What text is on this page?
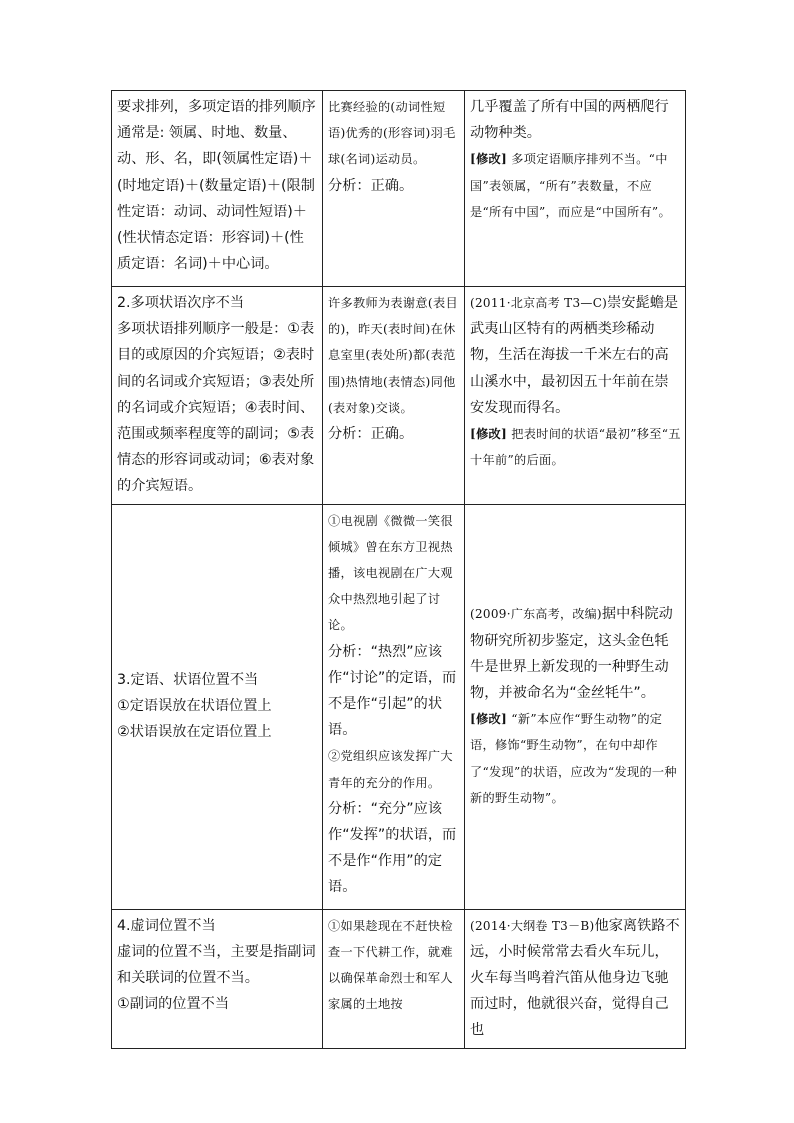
要求排列，多项定语的排列顺序通常是: 领属、时地、数量、动、形、名，即(领属性定语)＋(时地定语)＋(数量定语)＋(限制性定语：动词、动词性短语)＋(性状情态定语：形容词)＋(性质定语：名词)＋中心词。	比赛经验的(动词性短语)优秀的(形容词)羽毛球(名词)运动员。
分析：正确。	几乎覆盖了所有中国的两栖爬行动物种类。
[修改] 多项定语顺序排列不当。“中国”表领属，“所有”表数量，不应是“所有中国”，而应是“中国所有”。

2.多项状语次序不当
多项状语排列顺序一般是：①表目的或原因的介宾短语；②表时间的名词或介宾短语；③表处所的名词或介宾短语；④表时间、范围或频率程度等的副词；⑤表情态的形容词或动词；⑥表对象的介宾短语。	许多教师为表谢意(表目的)，昨天(表时间)在休息室里(表处所)都(表范围)热情地(表情态)同他(表对象)交谈。
分析：正确。	(2011·北京高考 T3—C)崇安髭蟾是武夷山区特有的两栖类珍稀动物，生活在海拔一千米左右的高山溪水中，最初因五十年前在崇安发现而得名。
[修改] 把表时间的状语“最初”移至“五十年前”的后面。

3.定语、状语位置不当
①定语误放在状语位置上
②状语误放在定语位置上	①电视剧《微微一笑很倾城》曾在东方卫视热播，该电视剧在广大观众中热烈地引起了讨论。
分析：“热烈”应该作“讨论”的定语，而不是作“引起”的状语。
②党组织应该发挥广大青年的充分的作用。
分析：“充分”应该作“发挥”的状语，而不是作“作用”的定语。	(2009·广东高考，改编)据中科院动物研究所初步鉴定，这头金色牦牛是世界上新发现的一种野生动物，并被命名为“金丝牦牛”。
[修改] “新”本应作“野生动物”的定语，修饰“野生动物”，在句中却作了“发现”的状语，应改为“发现的一种新的野生动物”。

4.虚词位置不当
虚词的位置不当，主要是指副词和关联词的位置不当。
①副词的位置不当	①如果趁现在不赶快检查一下代耕工作，就难以确保革命烈士和军人家属的土地按	(2014·大纲卷 T3－B)他家离铁路不远，小时候常常去看火车玩儿，火车每当鸣着汽笛从他身边飞驰而过时，他就很兴奋，觉得自己也
